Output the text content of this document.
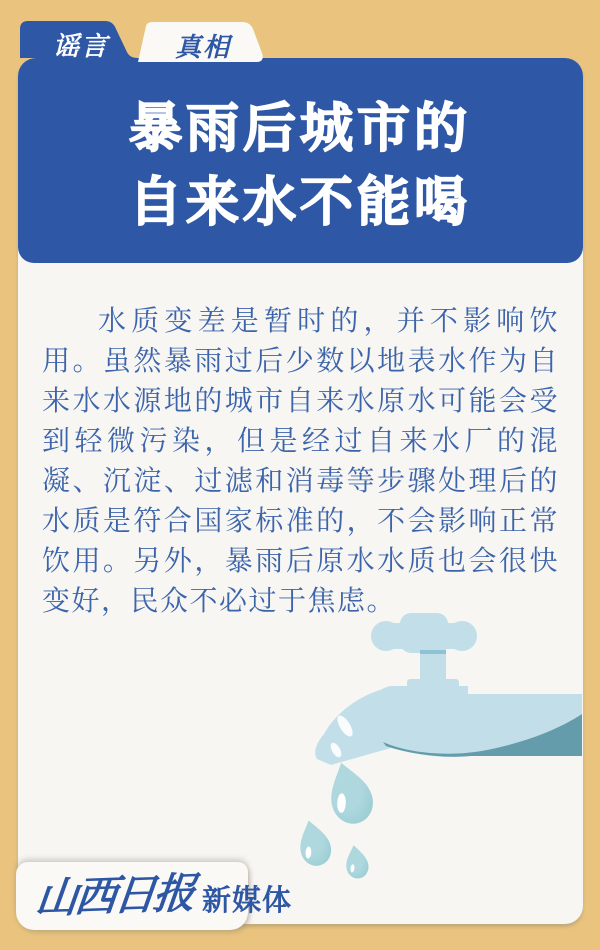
谣言	真相
暴雨后城市的
自来水不能喝

水质变差是暂时的，并不影响饮用。虽然暴雨过后少数以地表水作为自来水水源地的城市自来水原水可能会受到轻微污染，但是经过自来水厂的混凝、沉淀、过滤和消毒等步骤处理后的水质是符合国家标准的，不会影响正常饮用。另外，暴雨后原水水质也会很快变好，民众不必过于焦虑。

山西日报 新媒体
